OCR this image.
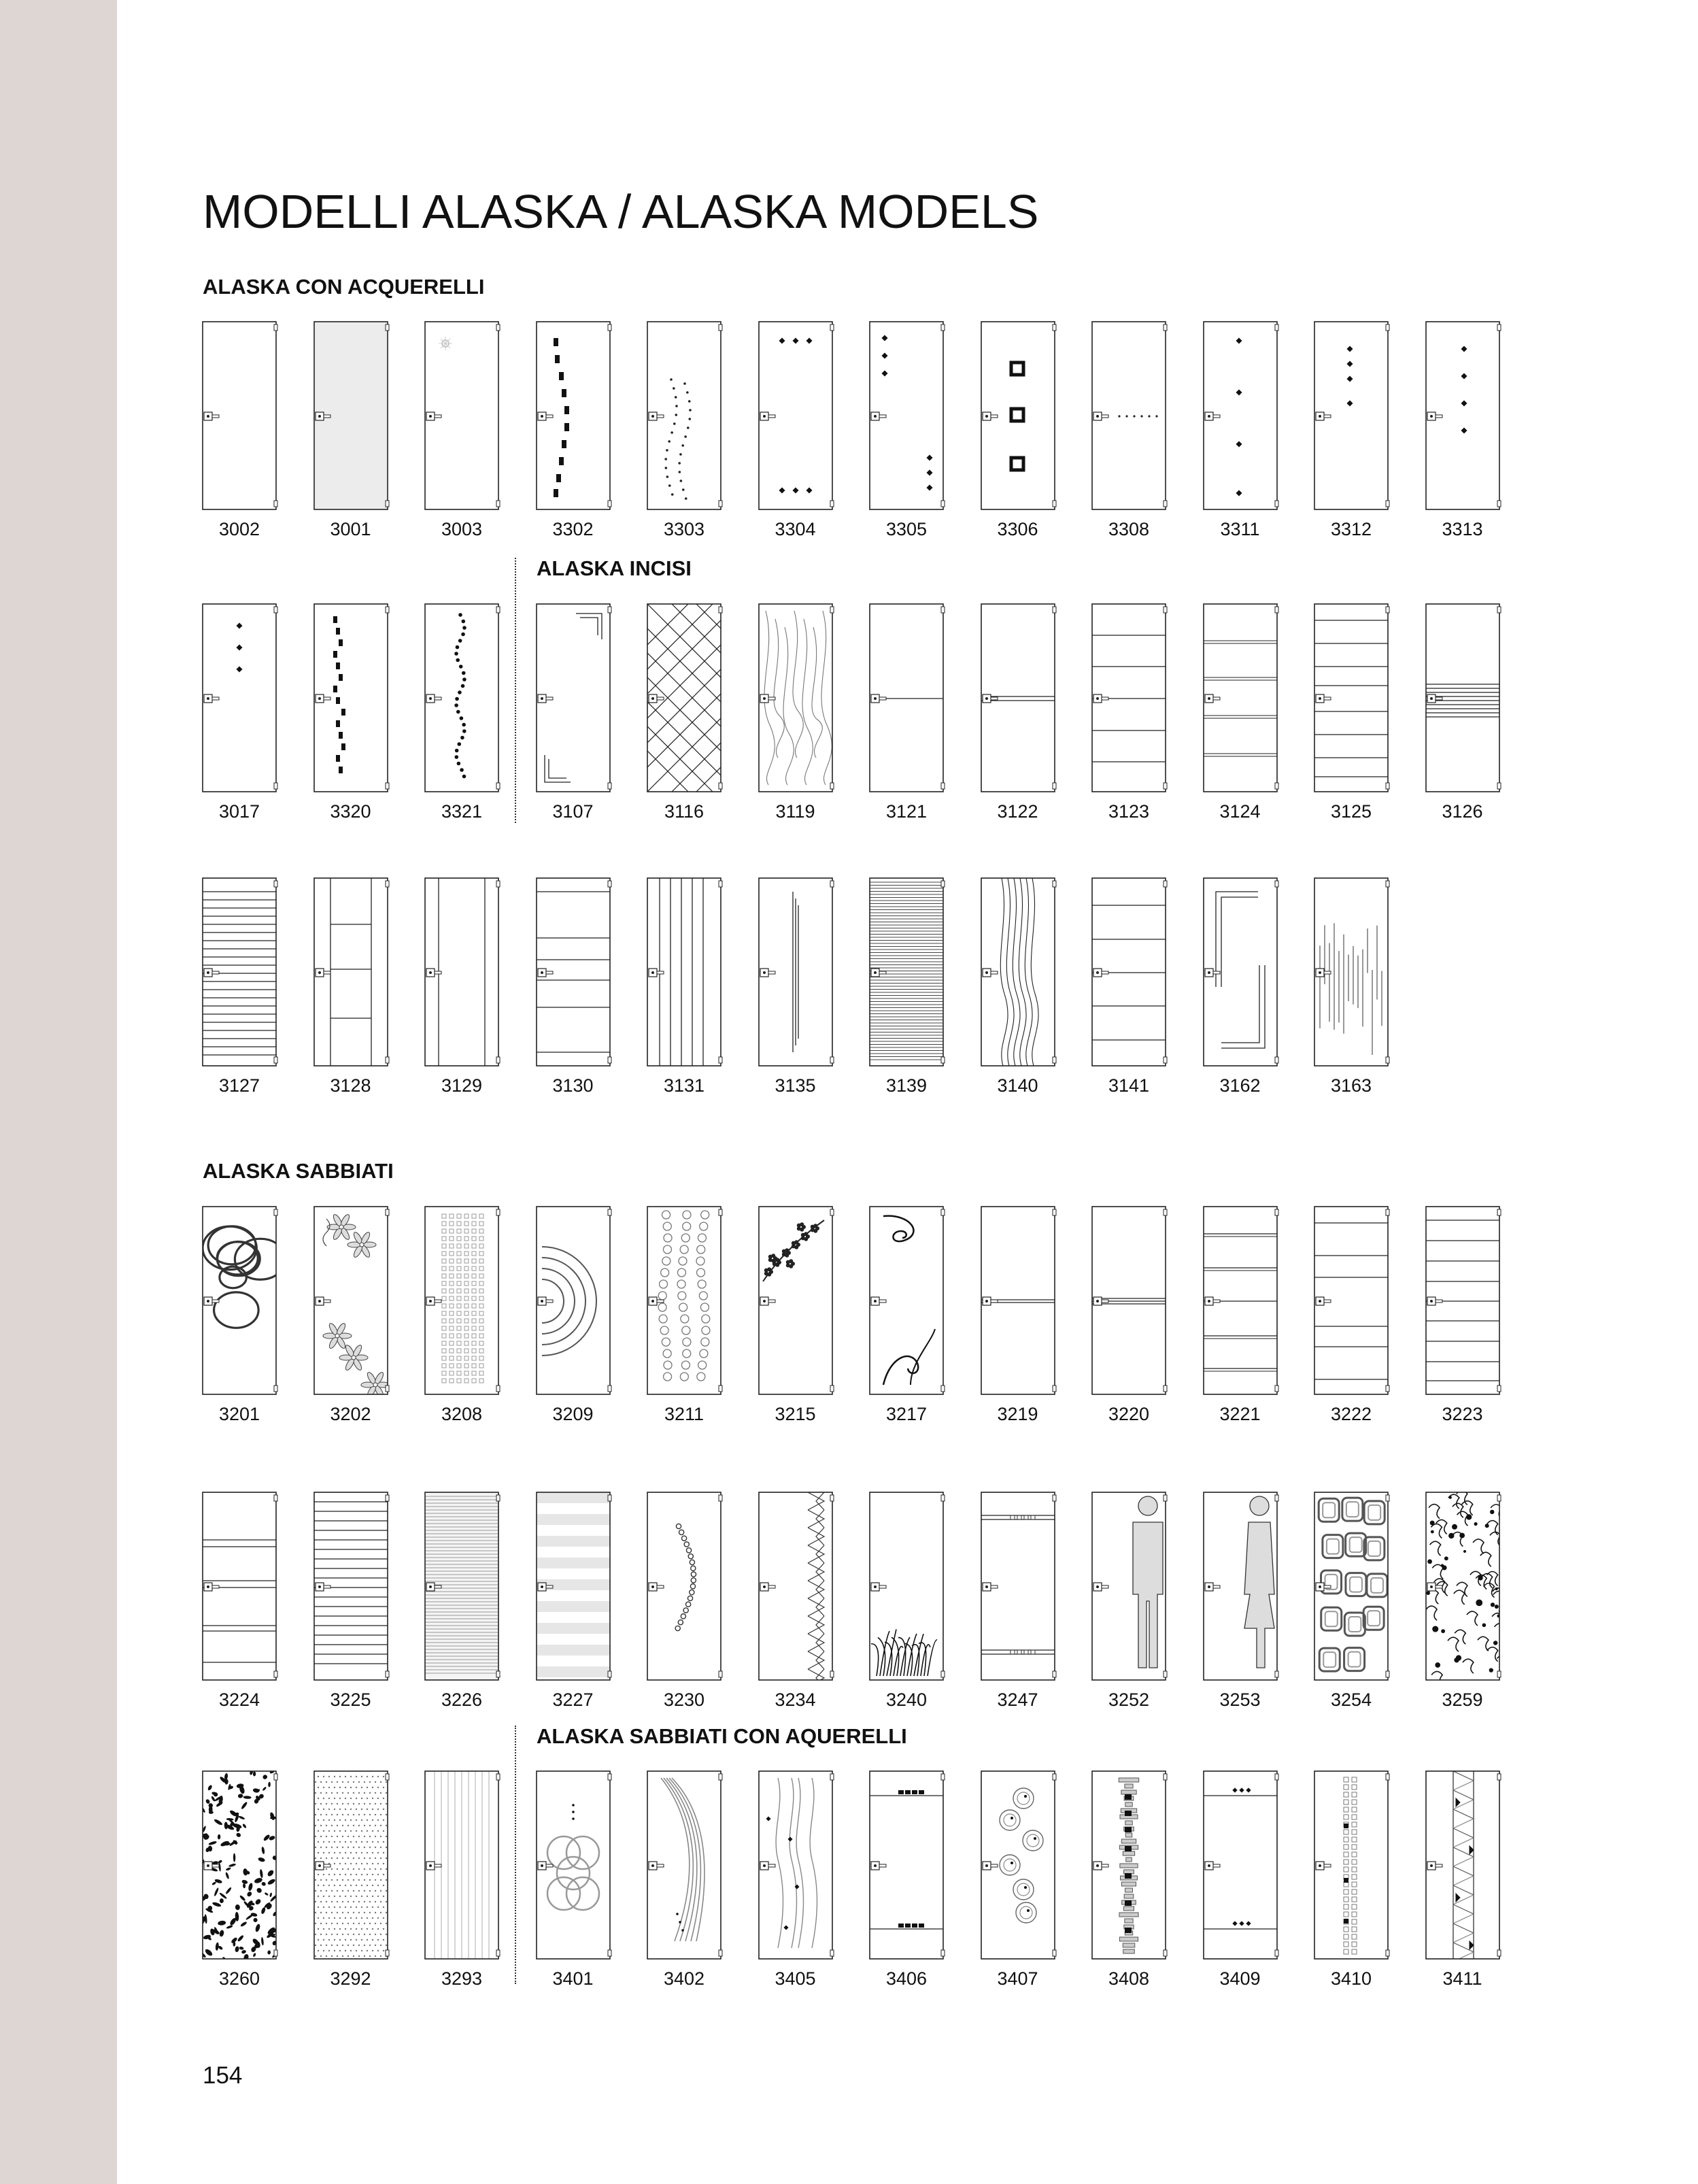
MODELLI ALASKA / ALASKA MODELS
ALASKA CON ACQUERELLI
ALASKA INCISI
ALASKA SABBIATI
ALASKA SABBIATI CON AQUERELLI
3002	3001	3003	3302	3303	3304	3305	3306	3308	3311	3312	3313
3017	3320	3321	3107	3116	3119	3121	3122	3123	3124	3125	3126
3127	3128	3129	3130	3131	3135	3139	3140	3141	3162	3163
3201	3202	3208	3209	3211	3215	3217	3219	3220	3221	3222	3223
3224	3225	3226	3227	3230	3234	3240	3247	3252	3253	3254	3259
3260	3292	3293	3401	3402	3405	3406	3407	3408	3409	3410	3411
154
